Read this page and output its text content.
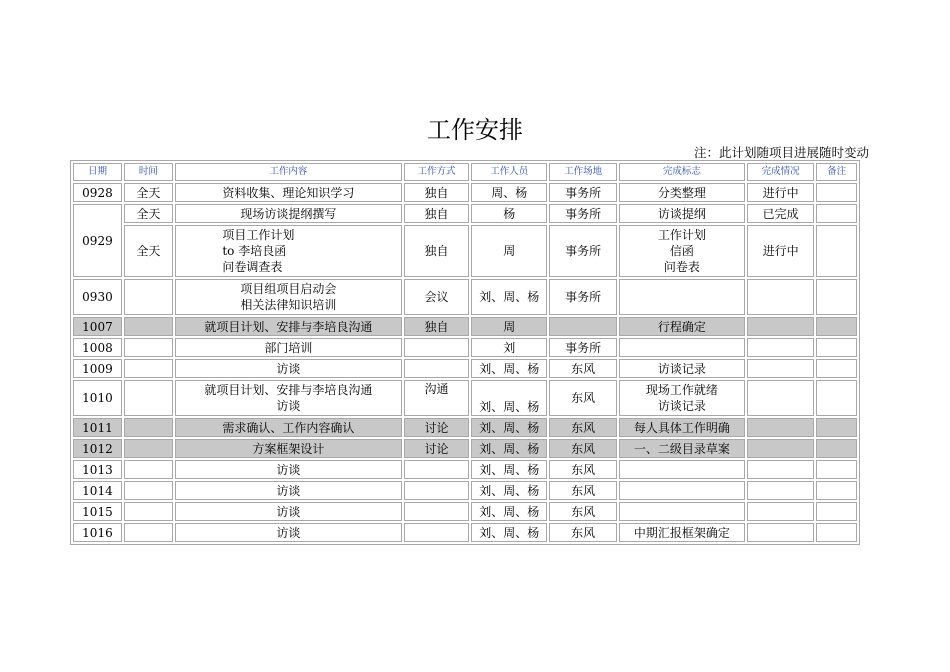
工作安排
注：此计划随项目进展随时变动
日期	时间	工作内容	工作方式	工作人员	工作场地	完成标志	完成情况	备注
0928	全天	资料收集、理论知识学习	独自	周、杨	事务所	分类整理	进行中	
0929	全天	现场访谈提纲撰写	独自	杨	事务所	访谈提纲	已完成	
	全天	项目工作计划
to 李培良函
问卷调查表	独自	周	事务所	工作计划
信函
问卷表	进行中	
0930		项目组项目启动会
相关法律知识培训	会议	刘、周、杨	事务所			
1007		就项目计划、安排与李培良沟通	独自	周		行程确定		
1008		部门培训		刘	事务所			
1009		访谈		刘、周、杨	东风	访谈记录		
1010		就项目计划、安排与李培良沟通
访谈	沟通	刘、周、杨	东风	现场工作就绪
访谈记录		
1011		需求确认、工作内容确认	讨论	刘、周、杨	东风	每人具体工作明确		
1012		方案框架设计	讨论	刘、周、杨	东风	一、二级目录草案		
1013		访谈		刘、周、杨	东风			
1014		访谈		刘、周、杨	东风			
1015		访谈		刘、周、杨	东风			
1016		访谈		刘、周、杨	东风	中期汇报框架确定		
